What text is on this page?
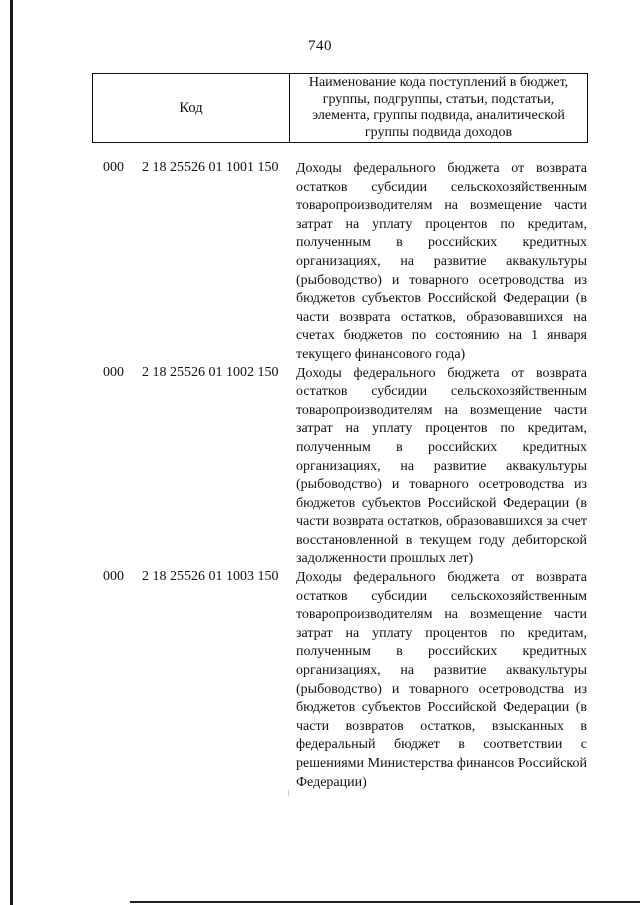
740
Код
Наименование кода поступлений в бюджет, группы, подгруппы, статьи, подстатьи, элемента, группы подвида, аналитической группы подвида доходов
000 2 18 25526 01 1001 150 Доходы федерального бюджета от возврата остатков субсидии сельскохозяйственным товаропроизводителям на возмещение части затрат на уплату процентов по кредитам, полученным в российских кредитных организациях, на развитие аквакультуры (рыбоводство) и товарного осетроводства из бюджетов субъектов Российской Федерации (в части возврата остатков, образовавшихся на счетах бюджетов по состоянию на 1 января текущего финансового года)
000 2 18 25526 01 1002 150 Доходы федерального бюджета от возврата остатков субсидии сельскохозяйственным товаропроизводителям на возмещение части затрат на уплату процентов по кредитам, полученным в российских кредитных организациях, на развитие аквакультуры (рыбоводство) и товарного осетроводства из бюджетов субъектов Российской Федерации (в части возврата остатков, образовавшихся за счет восстановленной в текущем году дебиторской задолженности прошлых лет)
000 2 18 25526 01 1003 150 Доходы федерального бюджета от возврата остатков субсидии сельскохозяйственным товаропроизводителям на возмещение части затрат на уплату процентов по кредитам, полученным в российских кредитных организациях, на развитие аквакультуры (рыбоводство) и товарного осетроводства из бюджетов субъектов Российской Федерации (в части возвратов остатков, взысканных в федеральный бюджет в соответствии с решениями Министерства финансов Российской Федерации)
